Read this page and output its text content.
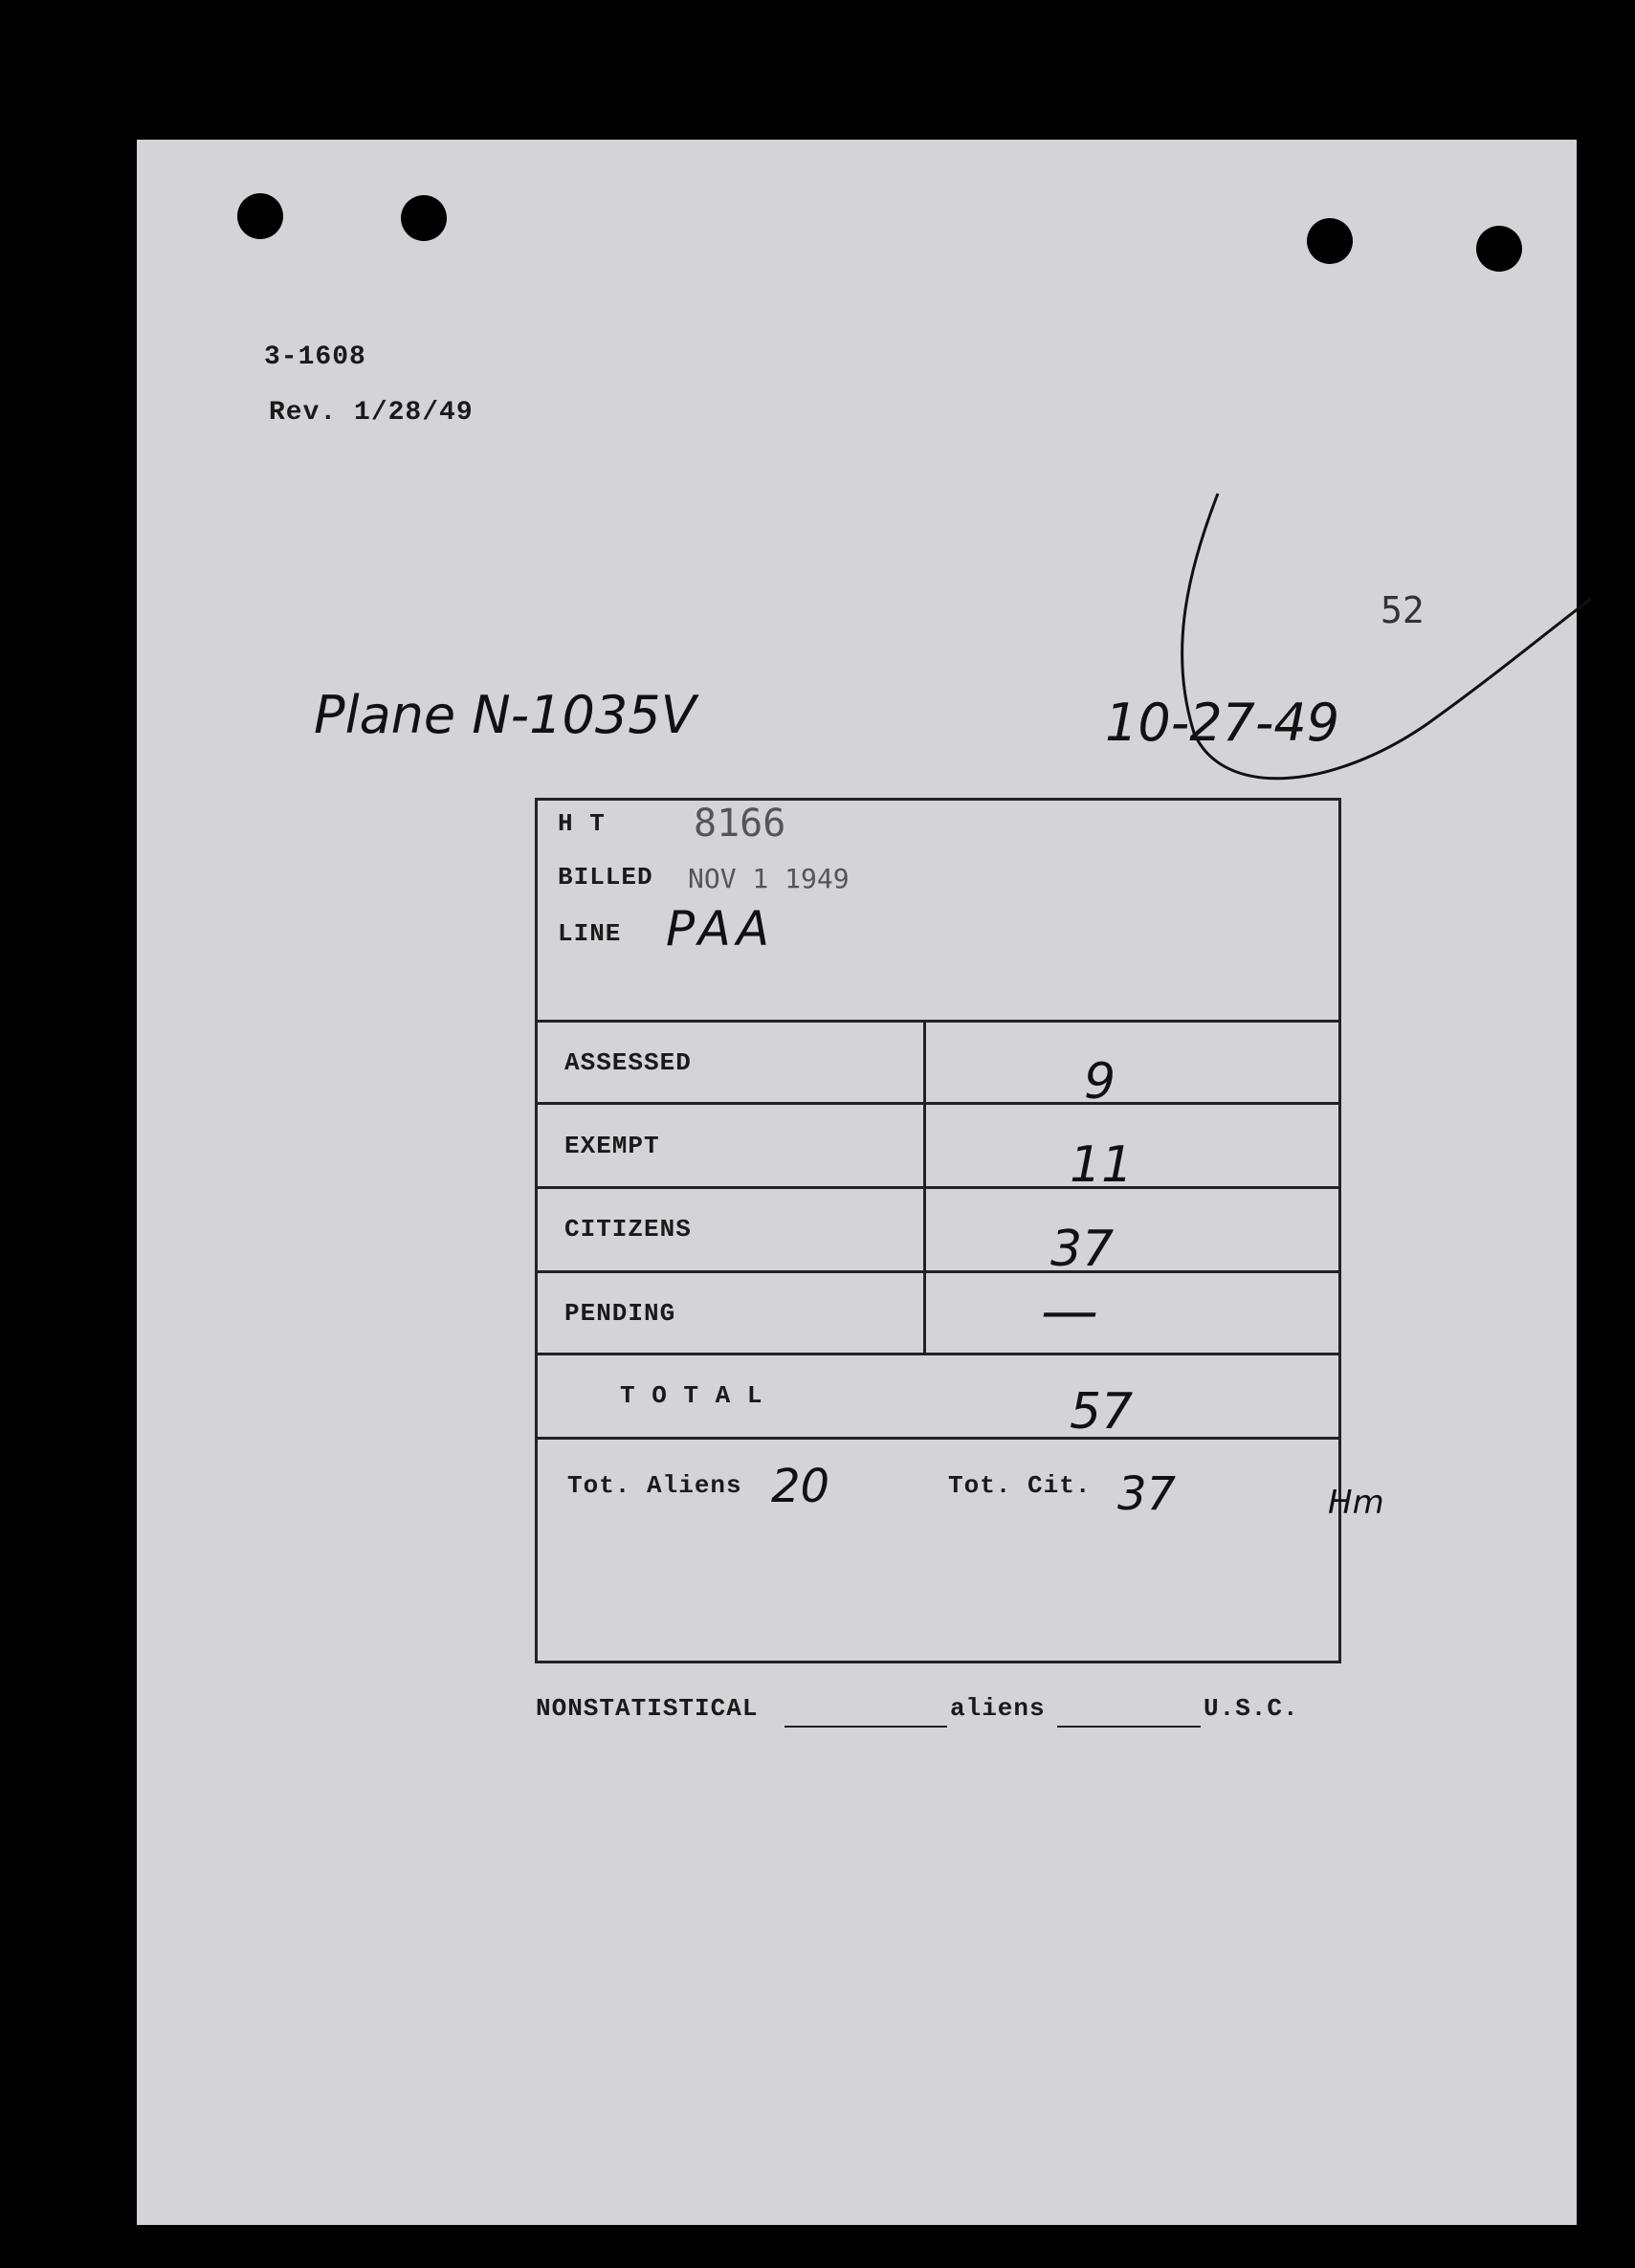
3-1608
Rev. 1/28/49
52
Plane N-1035V	10-27-49
H T 8166
BILLED NOV 1 1949
LINE PAA
ASSESSED	9
EXEMPT	11
CITIZENS	37
PENDING	—
T O T A L	57
Tot. Aliens 20	Tot. Cit. 37	Hm
NONSTATISTICAL	aliens	U.S.C.
